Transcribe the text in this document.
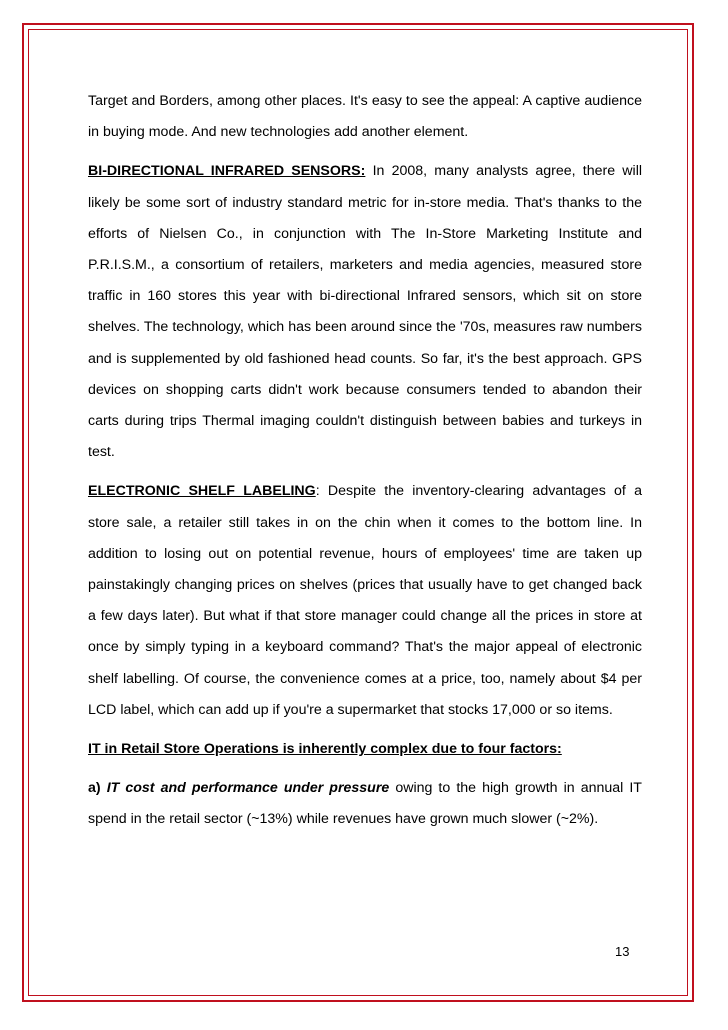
Target and Borders, among other places. It's easy to see the appeal: A captive audience in buying mode. And new technologies add another element.

BI-DIRECTIONAL INFRARED SENSORS: In 2008, many analysts agree, there will likely be some sort of industry standard metric for in-store media. That's thanks to the efforts of Nielsen Co., in conjunction with The In-Store Marketing Institute and P.R.I.S.M., a consortium of retailers, marketers and media agencies, measured store traffic in 160 stores this year with bi-directional Infrared sensors, which sit on store shelves. The technology, which has been around since the '70s, measures raw numbers and is supplemented by old fashioned head counts. So far, it's the best approach. GPS devices on shopping carts didn't work because consumers tended to abandon their carts during trips Thermal imaging couldn't distinguish between babies and turkeys in test.

ELECTRONIC SHELF LABELING: Despite the inventory-clearing advantages of a store sale, a retailer still takes in on the chin when it comes to the bottom line. In addition to losing out on potential revenue, hours of employees' time are taken up painstakingly changing prices on shelves (prices that usually have to get changed back a few days later). But what if that store manager could change all the prices in store at once by simply typing in a keyboard command? That's the major appeal of electronic shelf labelling. Of course, the convenience comes at a price, too, namely about $4 per LCD label, which can add up if you're a supermarket that stocks 17,000 or so items.

IT in Retail Store Operations is inherently complex due to four factors:

a) IT cost and performance under pressure owing to the high growth in annual IT spend in the retail sector (~13%) while revenues have grown much slower (~2%).

13
